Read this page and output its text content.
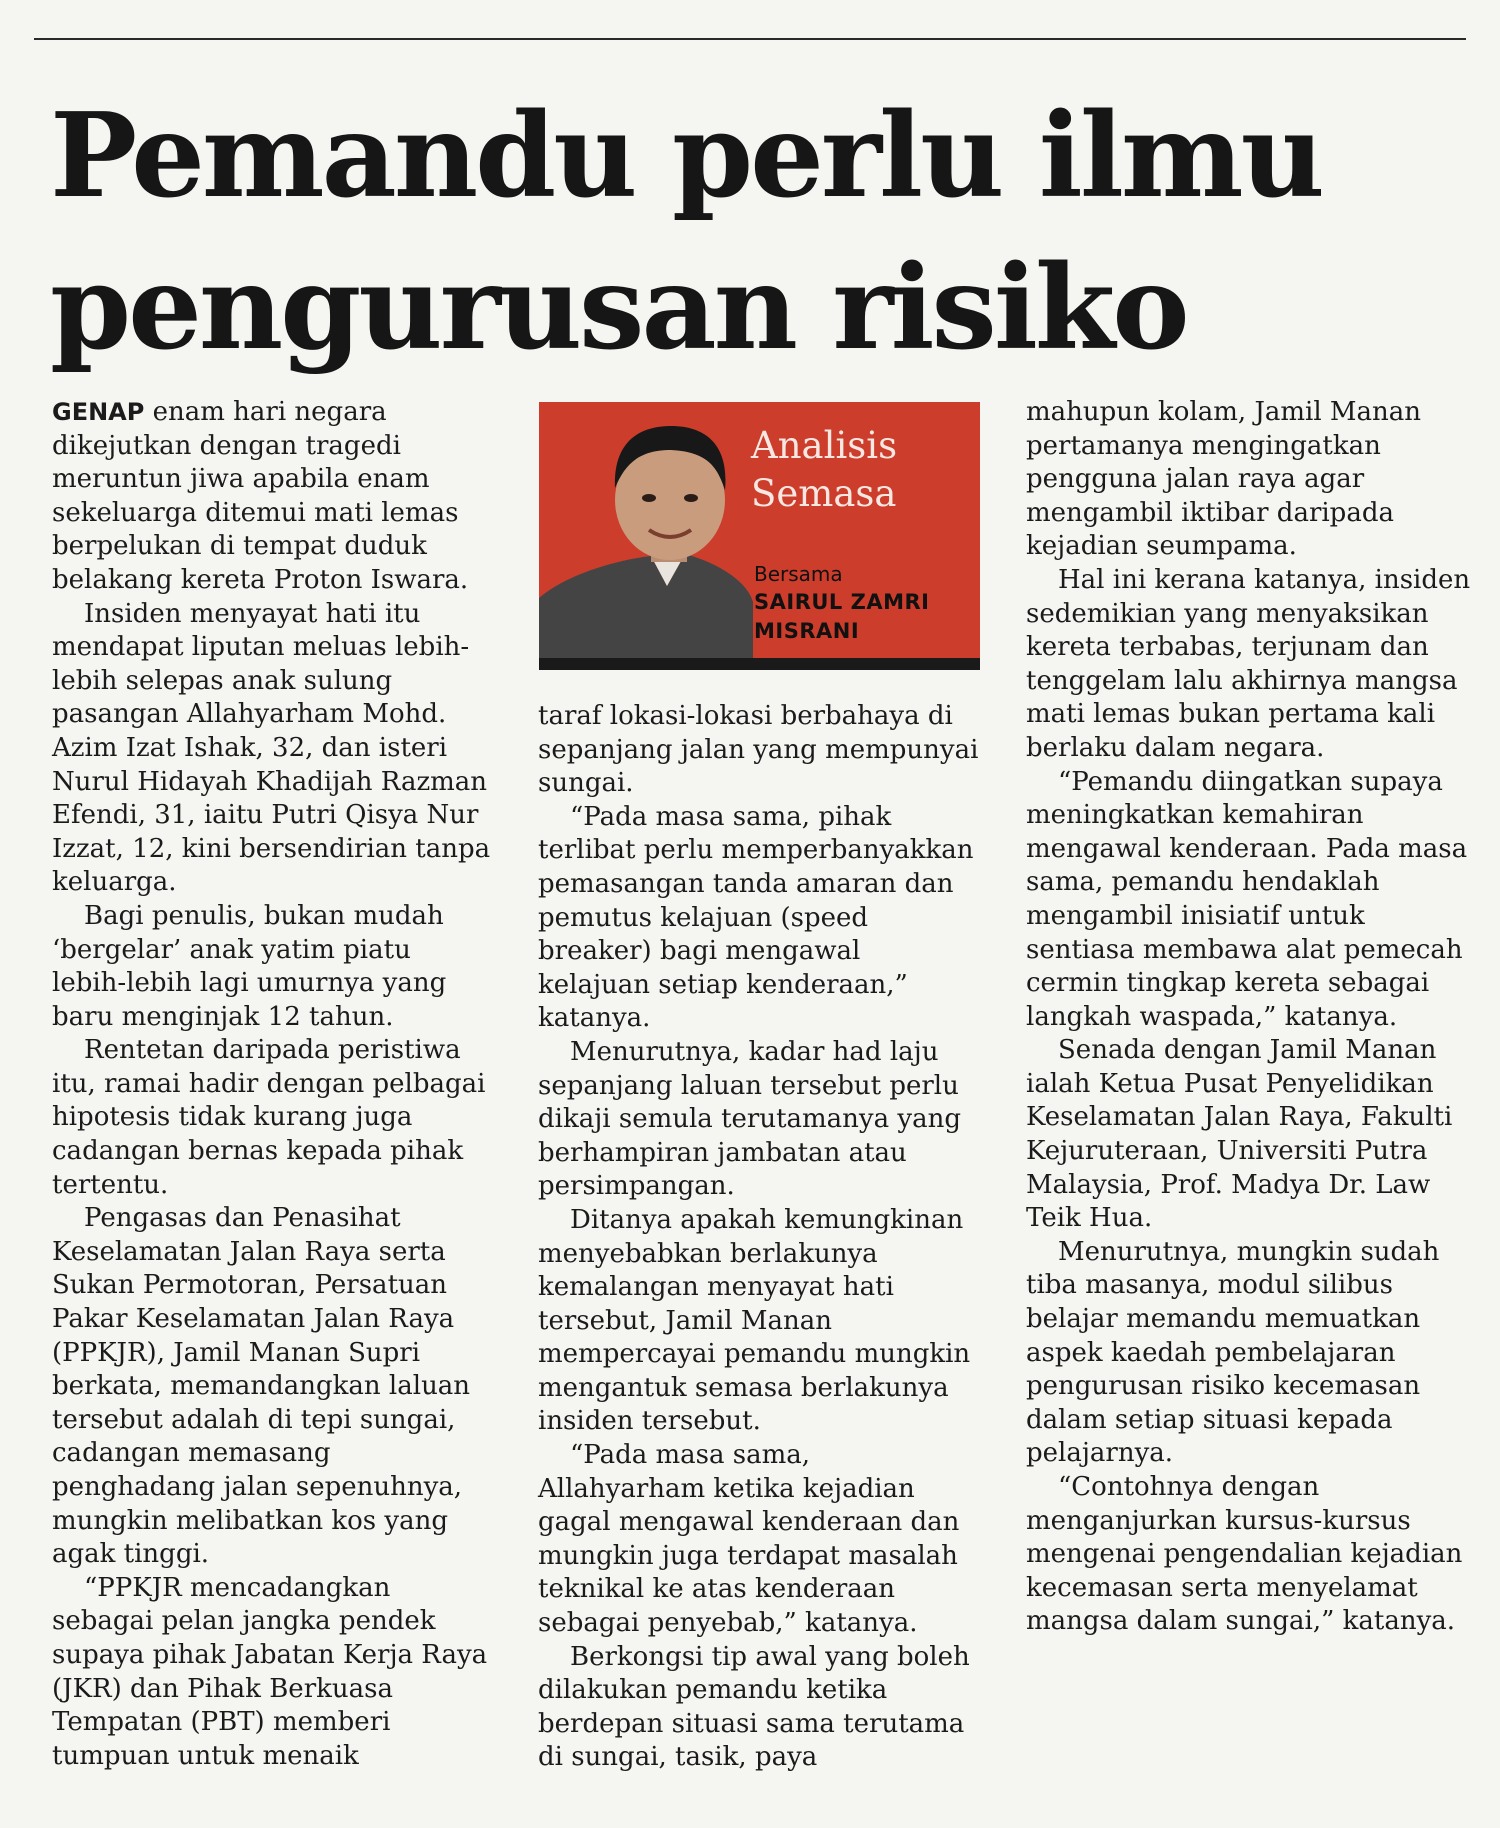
Pemandu perlu ilmu
pengurusan risiko

GENAP enam hari negara dikejutkan dengan tragedi meruntun jiwa apabila enam sekeluarga ditemui mati lemas berpelukan di tempat duduk belakang kereta Proton Iswara.

Insiden menyayat hati itu mendapat liputan meluas lebih-lebih selepas anak sulung pasangan Allahyarham Mohd. Azim Izat Ishak, 32, dan isteri Nurul Hidayah Khadijah Razman Efendi, 31, iaitu Putri Qisya Nur Izzat, 12, kini bersendirian tanpa keluarga.

Bagi penulis, bukan mudah ‘bergelar’ anak yatim piatu lebih-lebih lagi umurnya yang baru menginjak 12 tahun.

Rentetan daripada peristiwa itu, ramai hadir dengan pelbagai hipotesis tidak kurang juga cadangan bernas kepada pihak tertentu.

Pengasas dan Penasihat Keselamatan Jalan Raya serta Sukan Permotoran, Persatuan Pakar Keselamatan Jalan Raya (PPKJR), Jamil Manan Supri berkata, memandangkan laluan tersebut adalah di tepi sungai, cadangan memasang penghadang jalan sepenuhnya, mungkin melibatkan kos yang agak tinggi.

“PPKJR mencadangkan sebagai pelan jangka pendek supaya pihak Jabatan Kerja Raya (JKR) dan Pihak Berkuasa Tempatan (PBT) memberi tumpuan untuk menaik

Analisis
Semasa
Bersama
SAIRUL ZAMRI
MISRANI

taraf lokasi-lokasi berbahaya di sepanjang jalan yang mempunyai sungai.

“Pada masa sama, pihak terlibat perlu memperbanyakkan pemasangan tanda amaran dan pemutus kelajuan (speed breaker) bagi mengawal kelajuan setiap kenderaan,” katanya.

Menurutnya, kadar had laju sepanjang laluan tersebut perlu dikaji semula terutamanya yang berhampiran jambatan atau persimpangan.

Ditanya apakah kemungkinan menyebabkan berlakunya kemalangan menyayat hati tersebut, Jamil Manan mempercayai pemandu mungkin mengantuk semasa berlakunya insiden tersebut.

“Pada masa sama, Allahyarham ketika kejadian gagal mengawal kenderaan dan mungkin juga terdapat masalah teknikal ke atas kenderaan sebagai penyebab,” katanya.

Berkongsi tip awal yang boleh dilakukan pemandu ketika berdepan situasi sama terutama di sungai, tasik, paya

mahupun kolam, Jamil Manan pertamanya mengingatkan pengguna jalan raya agar mengambil iktibar daripada kejadian seumpama.

Hal ini kerana katanya, insiden sedemikian yang menyaksikan kereta terbabas, terjunam dan tenggelam lalu akhirnya mangsa mati lemas bukan pertama kali berlaku dalam negara.

“Pemandu diingatkan supaya meningkatkan kemahiran mengawal kenderaan. Pada masa sama, pemandu hendaklah mengambil inisiatif untuk sentiasa membawa alat pemecah cermin tingkap kereta sebagai langkah waspada,” katanya.

Senada dengan Jamil Manan ialah Ketua Pusat Penyelidikan Keselamatan Jalan Raya, Fakulti Kejuruteraan, Universiti Putra Malaysia, Prof. Madya Dr. Law Teik Hua.

Menurutnya, mungkin sudah tiba masanya, modul silibus belajar memandu memuatkan aspek kaedah pembelajaran pengurusan risiko kecemasan dalam setiap situasi kepada pelajarnya.

“Contohnya dengan menganjurkan kursus-kursus mengenai pengendalian kejadian kecemasan serta menyelamat mangsa dalam sungai,” katanya.
